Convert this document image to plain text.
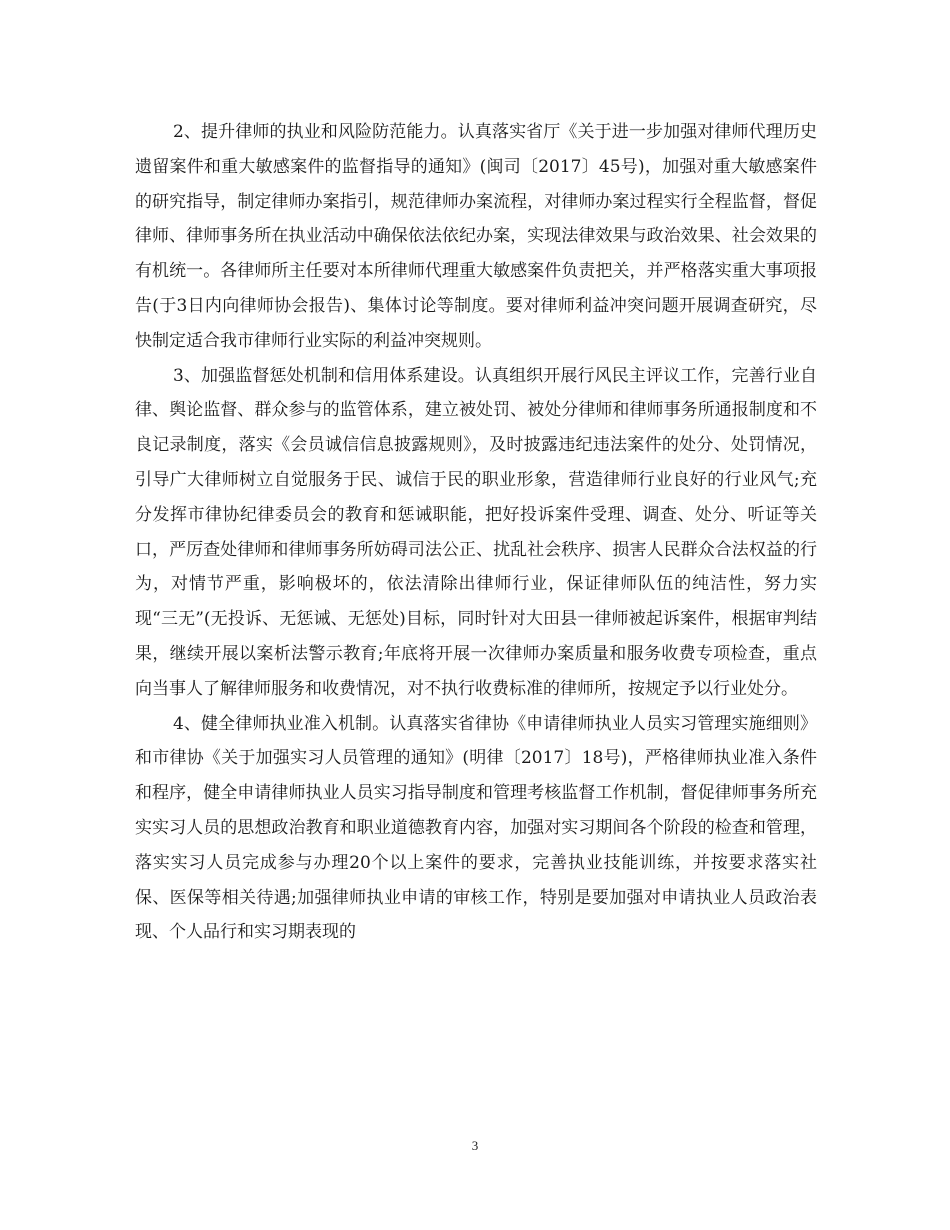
2、提升律师的执业和风险防范能力。认真落实省厅《关于进一步加强对律师代理历史遗留案件和重大敏感案件的监督指导的通知》(闽司〔2017〕45号)，加强对重大敏感案件的研究指导，制定律师办案指引，规范律师办案流程，对律师办案过程实行全程监督，督促律师、律师事务所在执业活动中确保依法依纪办案，实现法律效果与政治效果、社会效果的有机统一。各律师所主任要对本所律师代理重大敏感案件负责把关，并严格落实重大事项报告(于3日内向律师协会报告)、集体讨论等制度。要对律师利益冲突问题开展调查研究，尽快制定适合我市律师行业实际的利益冲突规则。

3、加强监督惩处机制和信用体系建设。认真组织开展行风民主评议工作，完善行业自律、舆论监督、群众参与的监管体系，建立被处罚、被处分律师和律师事务所通报制度和不良记录制度，落实《会员诚信信息披露规则》，及时披露违纪违法案件的处分、处罚情况，引导广大律师树立自觉服务于民、诚信于民的职业形象，营造律师行业良好的行业风气;充分发挥市律协纪律委员会的教育和惩诫职能，把好投诉案件受理、调查、处分、听证等关口，严厉查处律师和律师事务所妨碍司法公正、扰乱社会秩序、损害人民群众合法权益的行为，对情节严重，影响极坏的，依法清除出律师行业，保证律师队伍的纯洁性，努力实现“三无”(无投诉、无惩诫、无惩处)目标，同时针对大田县一律师被起诉案件，根据审判结果，继续开展以案析法警示教育;年底将开展一次律师办案质量和服务收费专项检查，重点向当事人了解律师服务和收费情况，对不执行收费标准的律师所，按规定予以行业处分。

4、健全律师执业准入机制。认真落实省律协《申请律师执业人员实习管理实施细则》和市律协《关于加强实习人员管理的通知》(明律〔2017〕18号)，严格律师执业准入条件和程序，健全申请律师执业人员实习指导制度和管理考核监督工作机制，督促律师事务所充实实习人员的思想政治教育和职业道德教育内容，加强对实习期间各个阶段的检查和管理，落实实习人员完成参与办理20个以上案件的要求，完善执业技能训练，并按要求落实社保、医保等相关待遇;加强律师执业申请的审核工作，特别是要加强对申请执业人员政治表现、个人品行和实习期表现的

3
